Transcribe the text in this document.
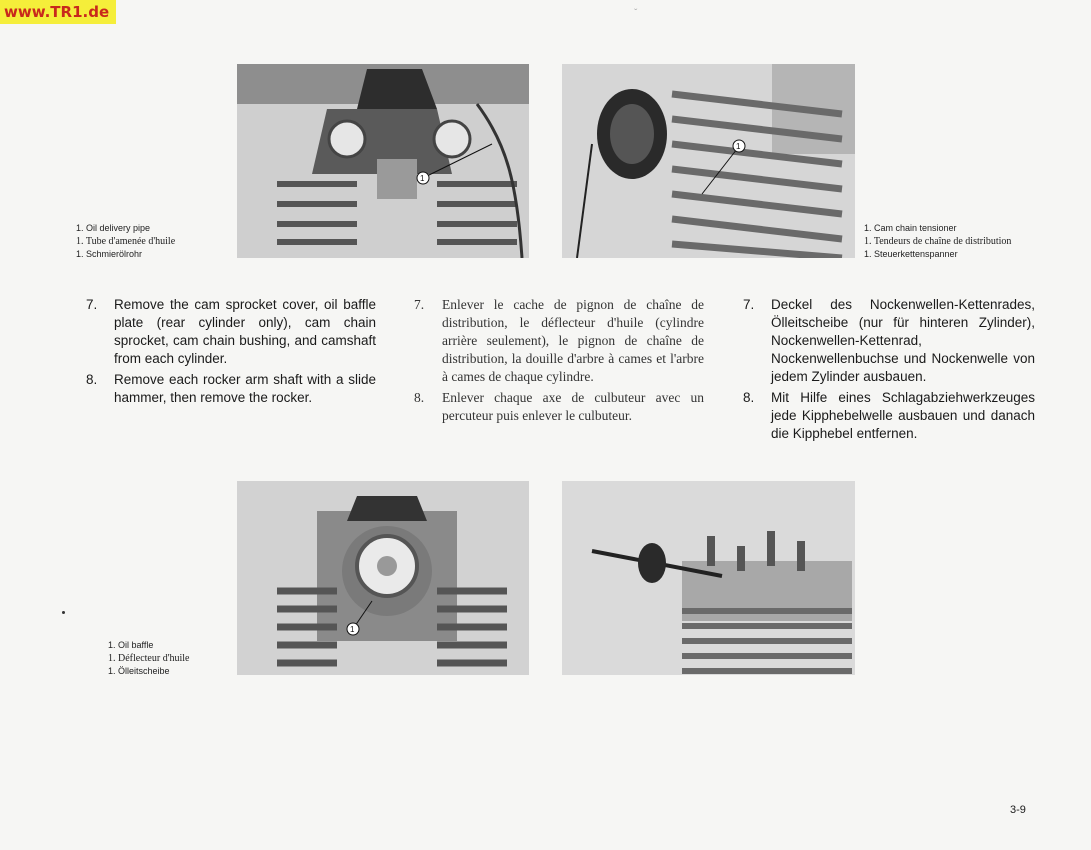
www.TR1.de	ˇ
1
1. Oil delivery pipe
1. Tube d'amenée d'huile
1. Schmierölrohr
1
1. Cam chain tensioner
1. Tendeurs de chaîne de distribution
1. Steuerkettenspanner
7.	Remove the cam sprocket cover, oil baffle plate (rear cylinder only), cam chain sprocket, cam chain bushing, and camshaft from each cylinder.
8.	Remove each rocker arm shaft with a slide hammer, then remove the rocker.
7.	Enlever le cache de pignon de chaîne de distribution, le déflecteur d'huile (cylindre arrière seulement), le pignon de chaîne de distribution, la douille d'arbre à cames et l'arbre à cames de chaque cylindre.
8.	Enlever chaque axe de culbuteur avec un percuteur puis enlever le culbuteur.
7.	Deckel des Nockenwellen-Kettenrades, Ölleitscheibe (nur für hinteren Zylinder), Nockenwellen-Kettenrad, Nockenwellenbuchse und Nockenwelle von jedem Zylinder ausbauen.
8.	Mit Hilfe eines Schlagabziehwerkzeuges jede Kipphebelwelle ausbauen und danach die Kipphebel entfernen.
1
1. Oil baffle
1. Déflecteur d'huile
1. Ölleitscheibe
3-9
